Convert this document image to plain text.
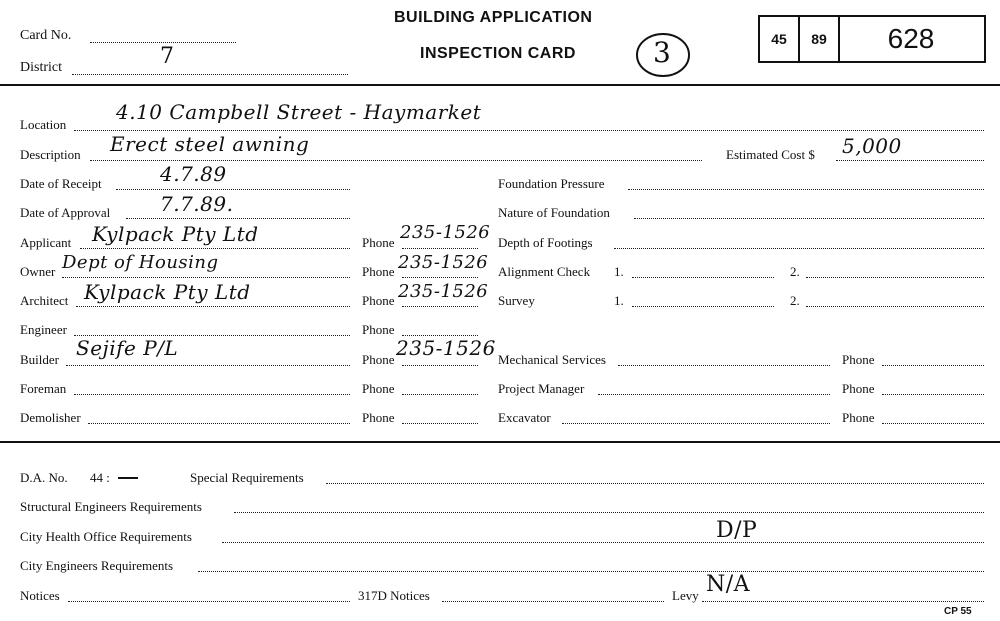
Card No.
District	7
BUILDING APPLICATION
INSPECTION CARD	3	45	89	628
Location
4.10 Campbell Street - Haymarket
Description Erect steel awning	Estimated Cost $ 5,000
Date of Receipt	4.7.89
Date of Approval 7.7.89.
Applicant Kylpack Pty Ltd	Phone 235-1526
Owner Dept of Housing	Phone 235-1526
Architect Kylpack Pty Ltd	Phone 235-1526
Engineer	Phone
Builder Sejife P/L	Phone 235-1526
Foreman	Phone
Demolisher	Phone
Foundation Pressure
Nature of Foundation
Depth of Footings
Alignment Check 1.	2.
Survey	1.	2.
Mechanical Services	Phone
Project Manager	Phone
Excavator	Phone
D.A. No. 44 :	Special Requirements
Structural Engineers Requirements
City Health Office Requirements	D/P
City Engineers Requirements
Notices	317D Notices	Levy N/A
CP 55
